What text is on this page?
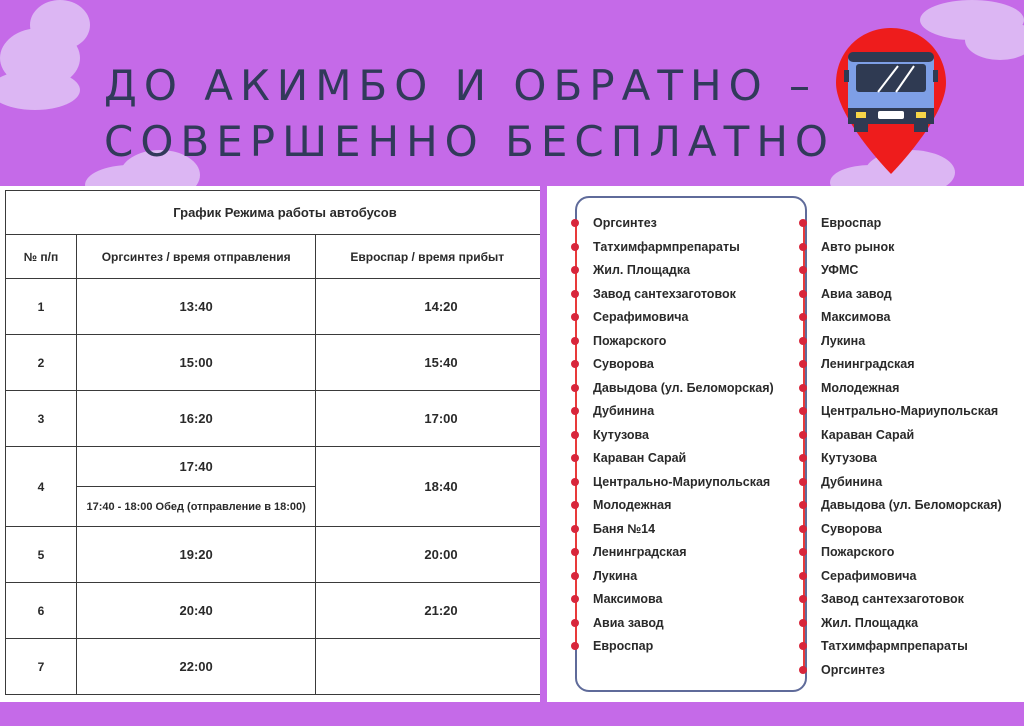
ДО АКИМБО И ОБРАТНО –
СОВЕРШЕННО БЕСПЛАТНО
График Режима работы автобусов		
№ п/п	Оргсинтез / время отправления	Евроспар / время прибыт
1	13:40	14:20
2	15:00	15:40
3	16:20	17:00
4	17:40	18:40
	17:40 - 18:00 Обед (отправление в 18:00)	
5	19:20	20:00
6	20:40	21:20
7	22:00	
Оргсинтез
Татхимфармпрепараты
Жил. Площадка
Завод сантехзаготовок
Серафимовича
Пожарского
Суворова
Давыдова (ул. Беломорская)
Дубинина
Кутузова
Караван Сарай
Центрально-Мариупольская
Молодежная
Баня №14
Ленинградская
Лукина
Максимова
Авиа завод
Евроспар
Евроспар
Авто рынок
УФМС
Авиа завод
Максимова
Лукина
Ленинградская
Молодежная
Центрально-Мариупольская
Караван Сарай
Кутузова
Дубинина
Давыдова (ул. Беломорская)
Суворова
Пожарского
Серафимовича
Завод сантехзаготовок
Жил. Площадка
Татхимфармпрепараты
Оргсинтез
